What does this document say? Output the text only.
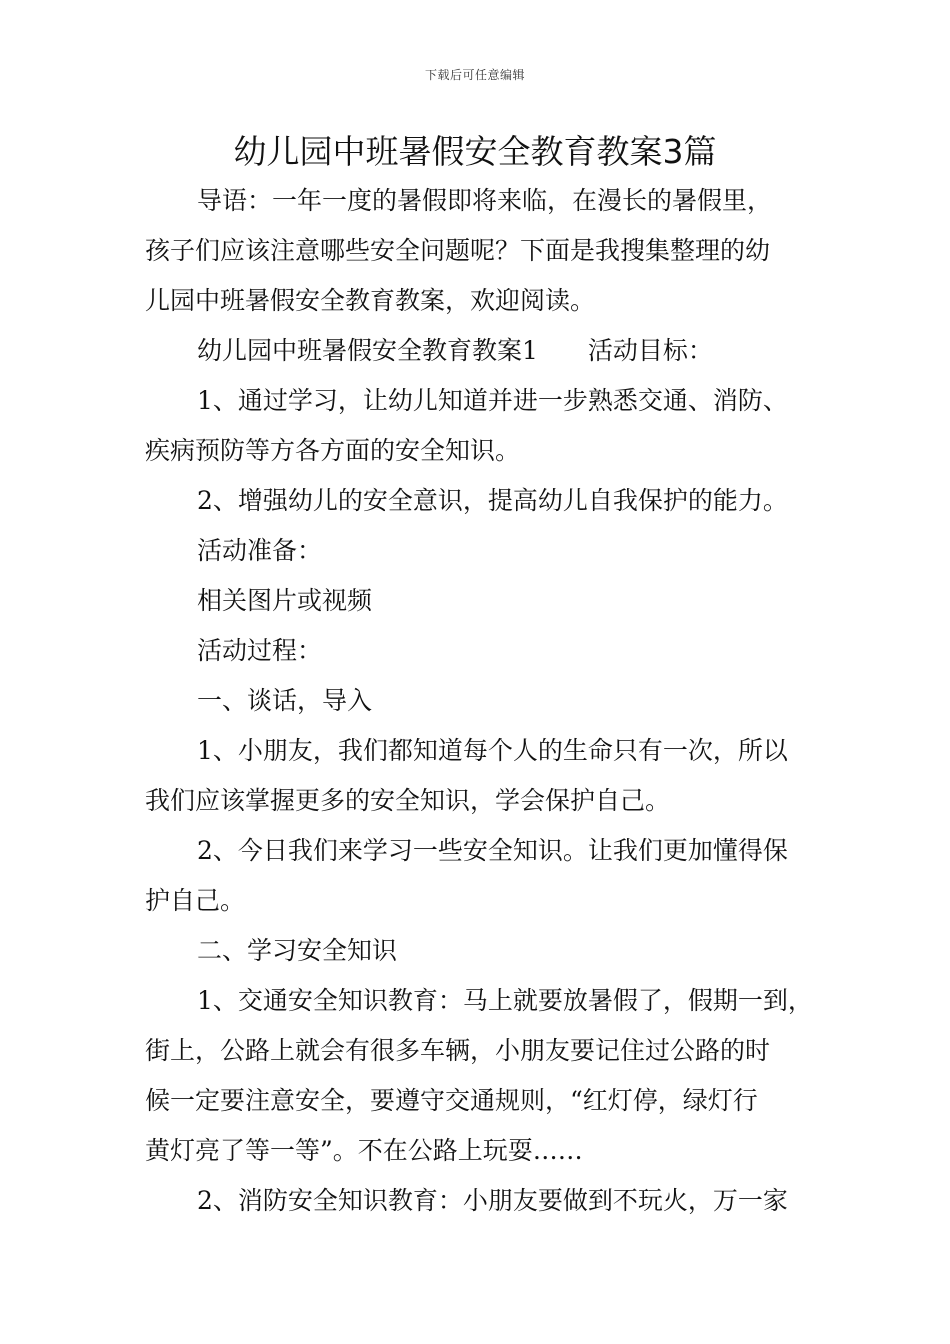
下载后可任意编辑
幼儿园中班暑假安全教育教案3篇
导语：一年一度的暑假即将来临，在漫长的暑假里，
孩子们应该注意哪些安全问题呢？下面是我搜集整理的幼
儿园中班暑假安全教育教案，欢迎阅读。
幼儿园中班暑假安全教育教案1 活动目标：
1、通过学习，让幼儿知道并进一步熟悉交通、消防、
疾病预防等方各方面的安全知识。
2、增强幼儿的安全意识，提高幼儿自我保护的能力。
活动准备：
相关图片或视频
活动过程：
一、谈话，导入
1、小朋友，我们都知道每个人的生命只有一次，所以
我们应该掌握更多的安全知识，学会保护自己。
2、今日我们来学习一些安全知识。让我们更加懂得保
护自己。
二、学习安全知识
1、交通安全知识教育：马上就要放暑假了，假期一到，
街上，公路上就会有很多车辆，小朋友要记住过公路的时
候一定要注意安全，要遵守交通规则，“红灯停，绿灯行
黄灯亮了等一等”。不在公路上玩耍……
2、消防安全知识教育：小朋友要做到不玩火，万一家
